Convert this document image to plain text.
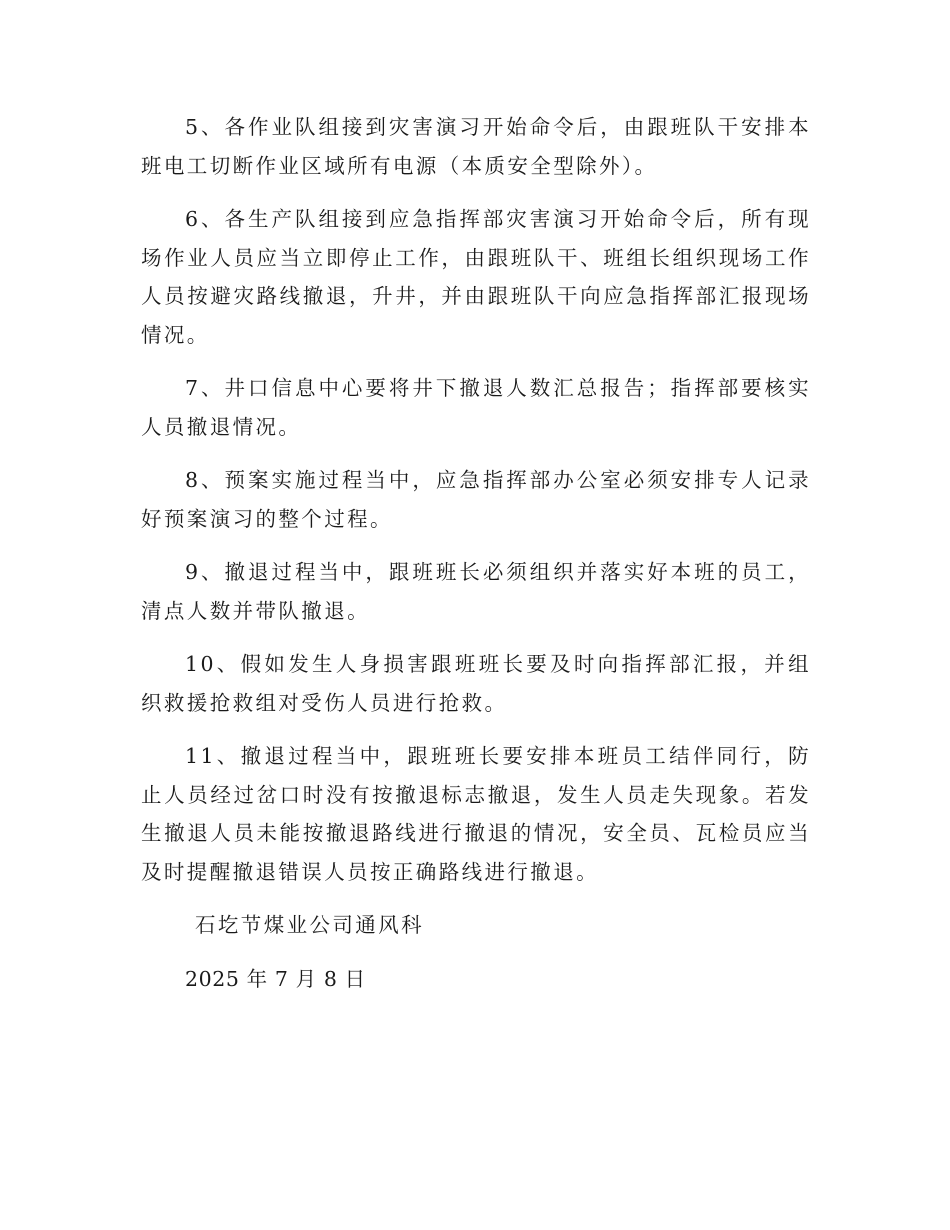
5、各作业队组接到灾害演习开始命令后，由跟班队干安排本班电工切断作业区域所有电源（本质安全型除外）。

6、各生产队组接到应急指挥部灾害演习开始命令后，所有现场作业人员应当立即停止工作，由跟班队干、班组长组织现场工作人员按避灾路线撤退，升井，并由跟班队干向应急指挥部汇报现场情况。

7、井口信息中心要将井下撤退人数汇总报告；指挥部要核实人员撤退情况。

8、预案实施过程当中，应急指挥部办公室必须安排专人记录好预案演习的整个过程。

9、撤退过程当中，跟班班长必须组织并落实好本班的员工，清点人数并带队撤退。

10、假如发生人身损害跟班班长要及时向指挥部汇报，并组织救援抢救组对受伤人员进行抢救。

11、撤退过程当中，跟班班长要安排本班员工结伴同行，防止人员经过岔口时没有按撤退标志撤退，发生人员走失现象。若发生撤退人员未能按撤退路线进行撤退的情况，安全员、瓦检员应当及时提醒撤退错误人员按正确路线进行撤退。

石圪节煤业公司通风科

2025 年 7 月 8 日
